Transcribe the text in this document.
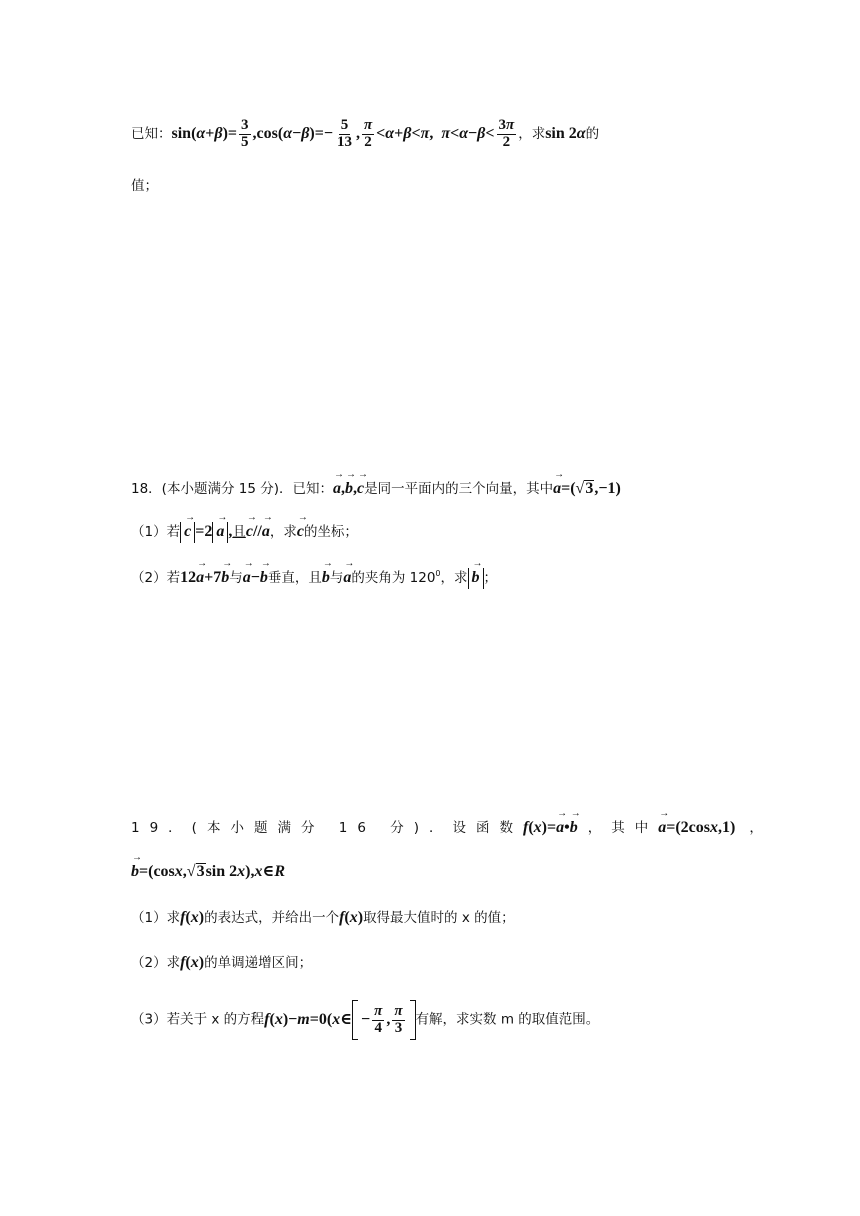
已知：$\sin(\alpha+\beta)= \frac{3}{5} ,\cos(\alpha-\beta)=- \frac{5}{13}$ , $\frac{\pi}{2} <\alpha+\beta<\pi$,  $\pi<\alpha-\beta< \frac{3\pi}{2}$ ，求sin 2α的
值；
18．(本小题满分 15 分)．已知：→ a,→ b,→ c是同一平面内的三个向量，其中→ a=(√3,−1)
（1）若 → c =2 → a ,且→ c//→ a，求→ c的坐标；
（2）若12→ a+7→ b与→ a−→ b垂直，且→ b与→ a的夹角为 $120^0$，求 → b ；
19．(本小题满分 16 分)．设函数f(x)=→ a•→ b ，其中→ a=(2cosx,1) ，
→ b=(cosx,√3sin 2x),x∈R
（1）求f(x)的表达式，并给出一个f(x)取得最大值时的 x 的值；
（2）求f(x)的单调递增区间；
（3）若关于 x 的方程f(x)−m=0(x∈ − $\frac{\pi}{4}$ , $\frac{\pi}{3}$ 有解，求实数 m 的取值范围。
